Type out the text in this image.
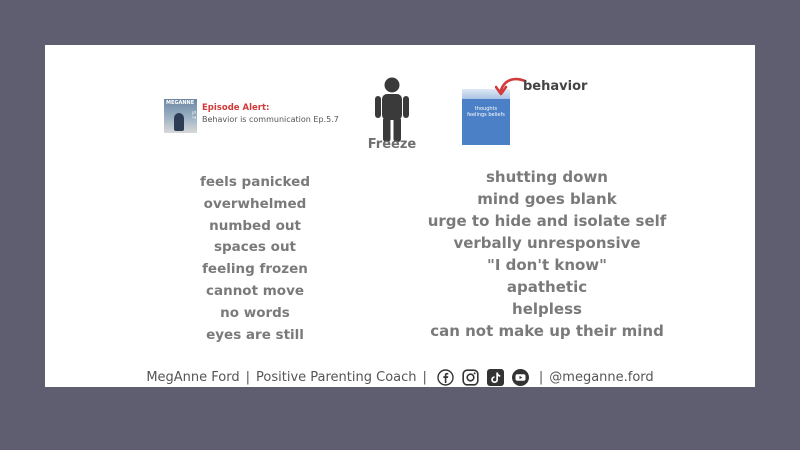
MEGANNE
5.7
Episode Alert:
Behavior is communication Ep.5.7
Freeze
thoughts feelings beliefs
behavior
feels panicked
overwhelmed
numbed out
spaces out
feeling frozen
cannot move
no words
eyes are still
shutting down
mind goes blank
urge to hide and isolate self
verbally unresponsive
"I don't know"
apathetic
helpless
can not make up their mind
MegAnne Ford | Positive Parenting Coach |	| @meganne.ford
